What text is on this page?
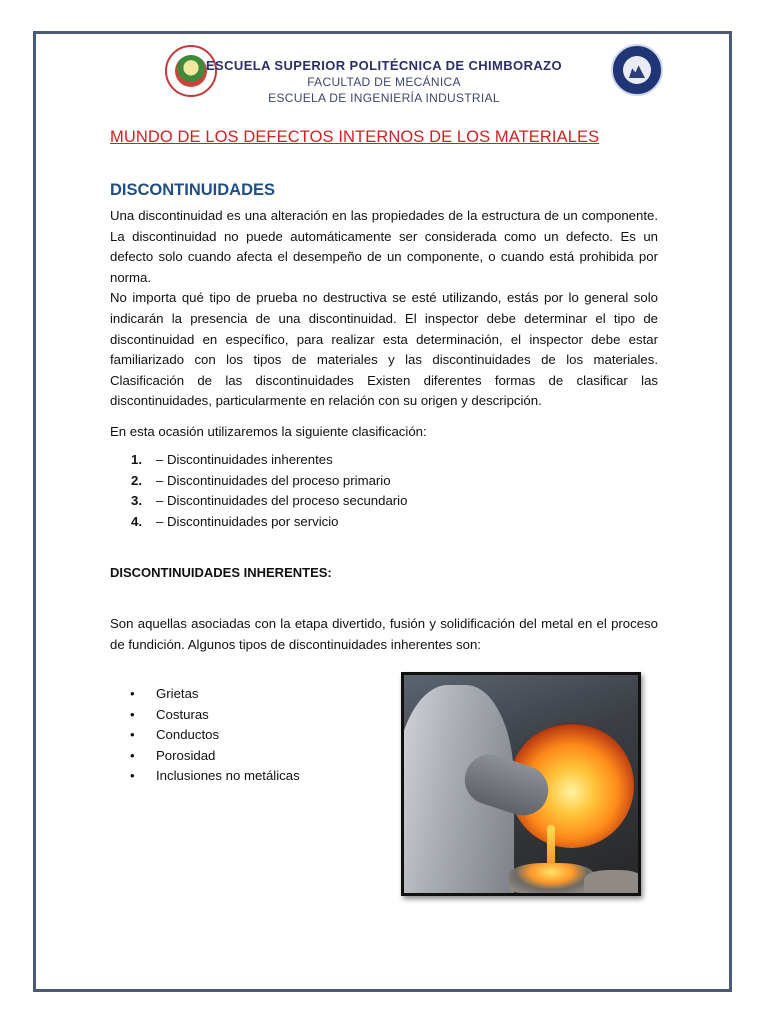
ESCUELA SUPERIOR POLITÉCNICA DE CHIMBORAZO
FACULTAD DE MECÁNICA
ESCUELA DE INGENIERÍA INDUSTRIAL
MUNDO DE LOS DEFECTOS INTERNOS DE LOS MATERIALES
DISCONTINUIDADES
Una discontinuidad es una alteración en las propiedades de la estructura de un componente. La discontinuidad no puede automáticamente ser considerada como un defecto. Es un defecto solo cuando afecta el desempeño de un componente, o cuando está prohibida por norma.
No importa qué tipo de prueba no destructiva se esté utilizando, estás por lo general solo indicarán la presencia de una discontinuidad. El inspector debe determinar el tipo de discontinuidad en específico, para realizar esta determinación, el inspector debe estar familiarizado con los tipos de materiales y las discontinuidades de los materiales. Clasificación de las discontinuidades Existen diferentes formas de clasificar las discontinuidades, particularmente en relación con su origen y descripción.
En esta ocasión utilizaremos la siguiente clasificación:
1. – Discontinuidades inherentes
2. – Discontinuidades del proceso primario
3. – Discontinuidades del proceso secundario
4. – Discontinuidades por servicio
DISCONTINUIDADES INHERENTES:
Son aquellas asociadas con la etapa divertido, fusión y solidificación del metal en el proceso de fundición. Algunos tipos de discontinuidades inherentes son:
• Grietas
• Costuras
• Conductos
• Porosidad
• Inclusiones no metálicas
